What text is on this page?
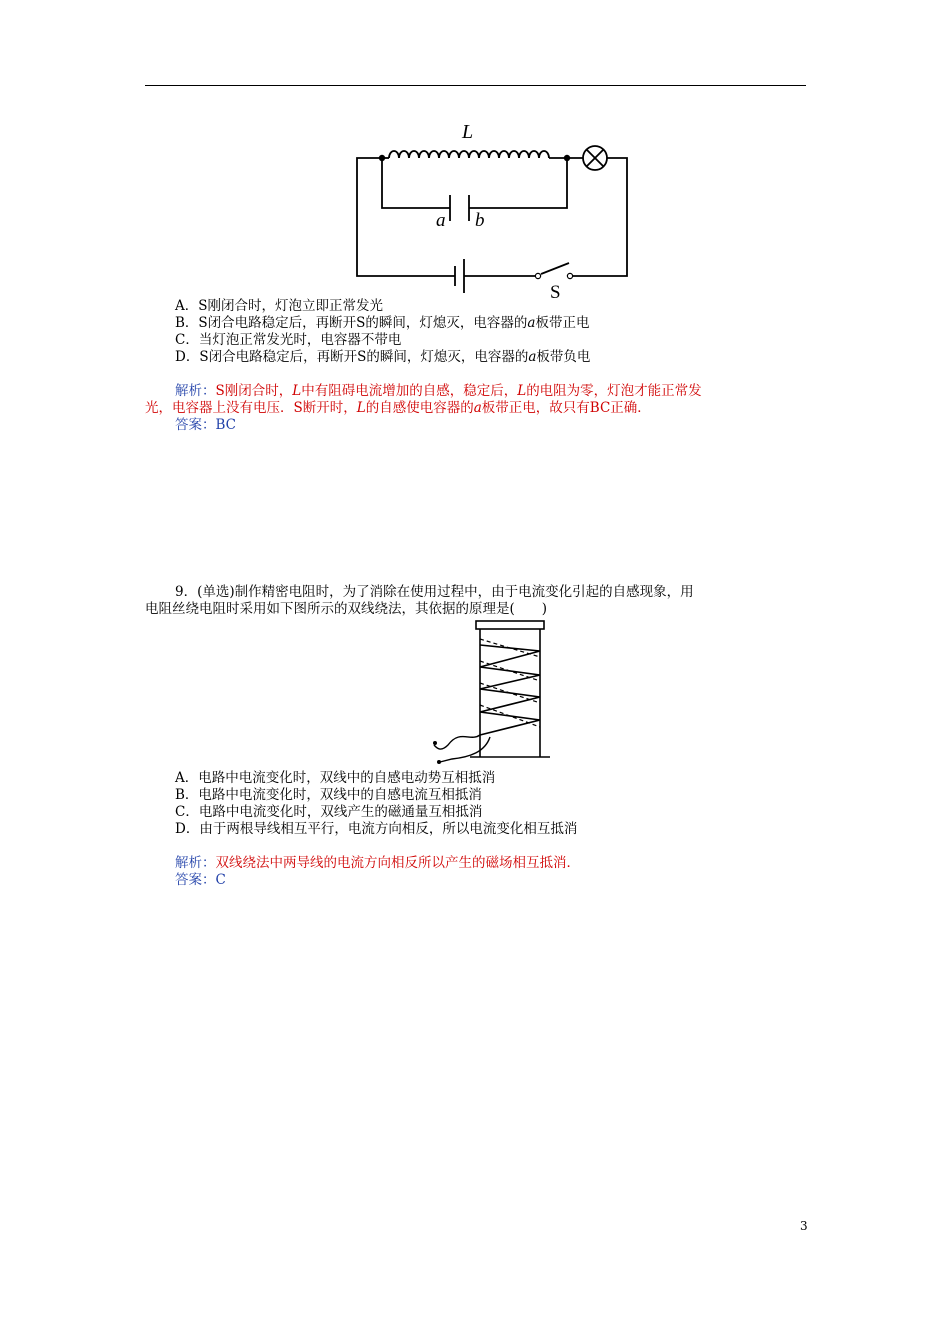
L
a b
S
A．S刚闭合时，灯泡立即正常发光
B．S闭合电路稳定后，再断开S的瞬间，灯熄灭，电容器的a板带正电
C．当灯泡正常发光时，电容器不带电
D．S闭合电路稳定后，再断开S的瞬间，灯熄灭，电容器的a板带负电
解析：S刚闭合时，L中有阻碍电流增加的自感，稳定后，L的电阻为零，灯泡才能正常发
光，电容器上没有电压．S断开时，L的自感使电容器的a板带正电，故只有BC正确．
答案：BC
9．(单选)制作精密电阻时，为了消除在使用过程中，由于电流变化引起的自感现象，用
电阻丝绕电阻时采用如下图所示的双线绕法，其依据的原理是(　　)
A．电路中电流变化时，双线中的自感电动势互相抵消
B．电路中电流变化时，双线中的自感电流互相抵消
C．电路中电流变化时，双线产生的磁通量互相抵消
D．由于两根导线相互平行，电流方向相反，所以电流变化相互抵消
解析：双线绕法中两导线的电流方向相反所以产生的磁场相互抵消．
答案：C
3
